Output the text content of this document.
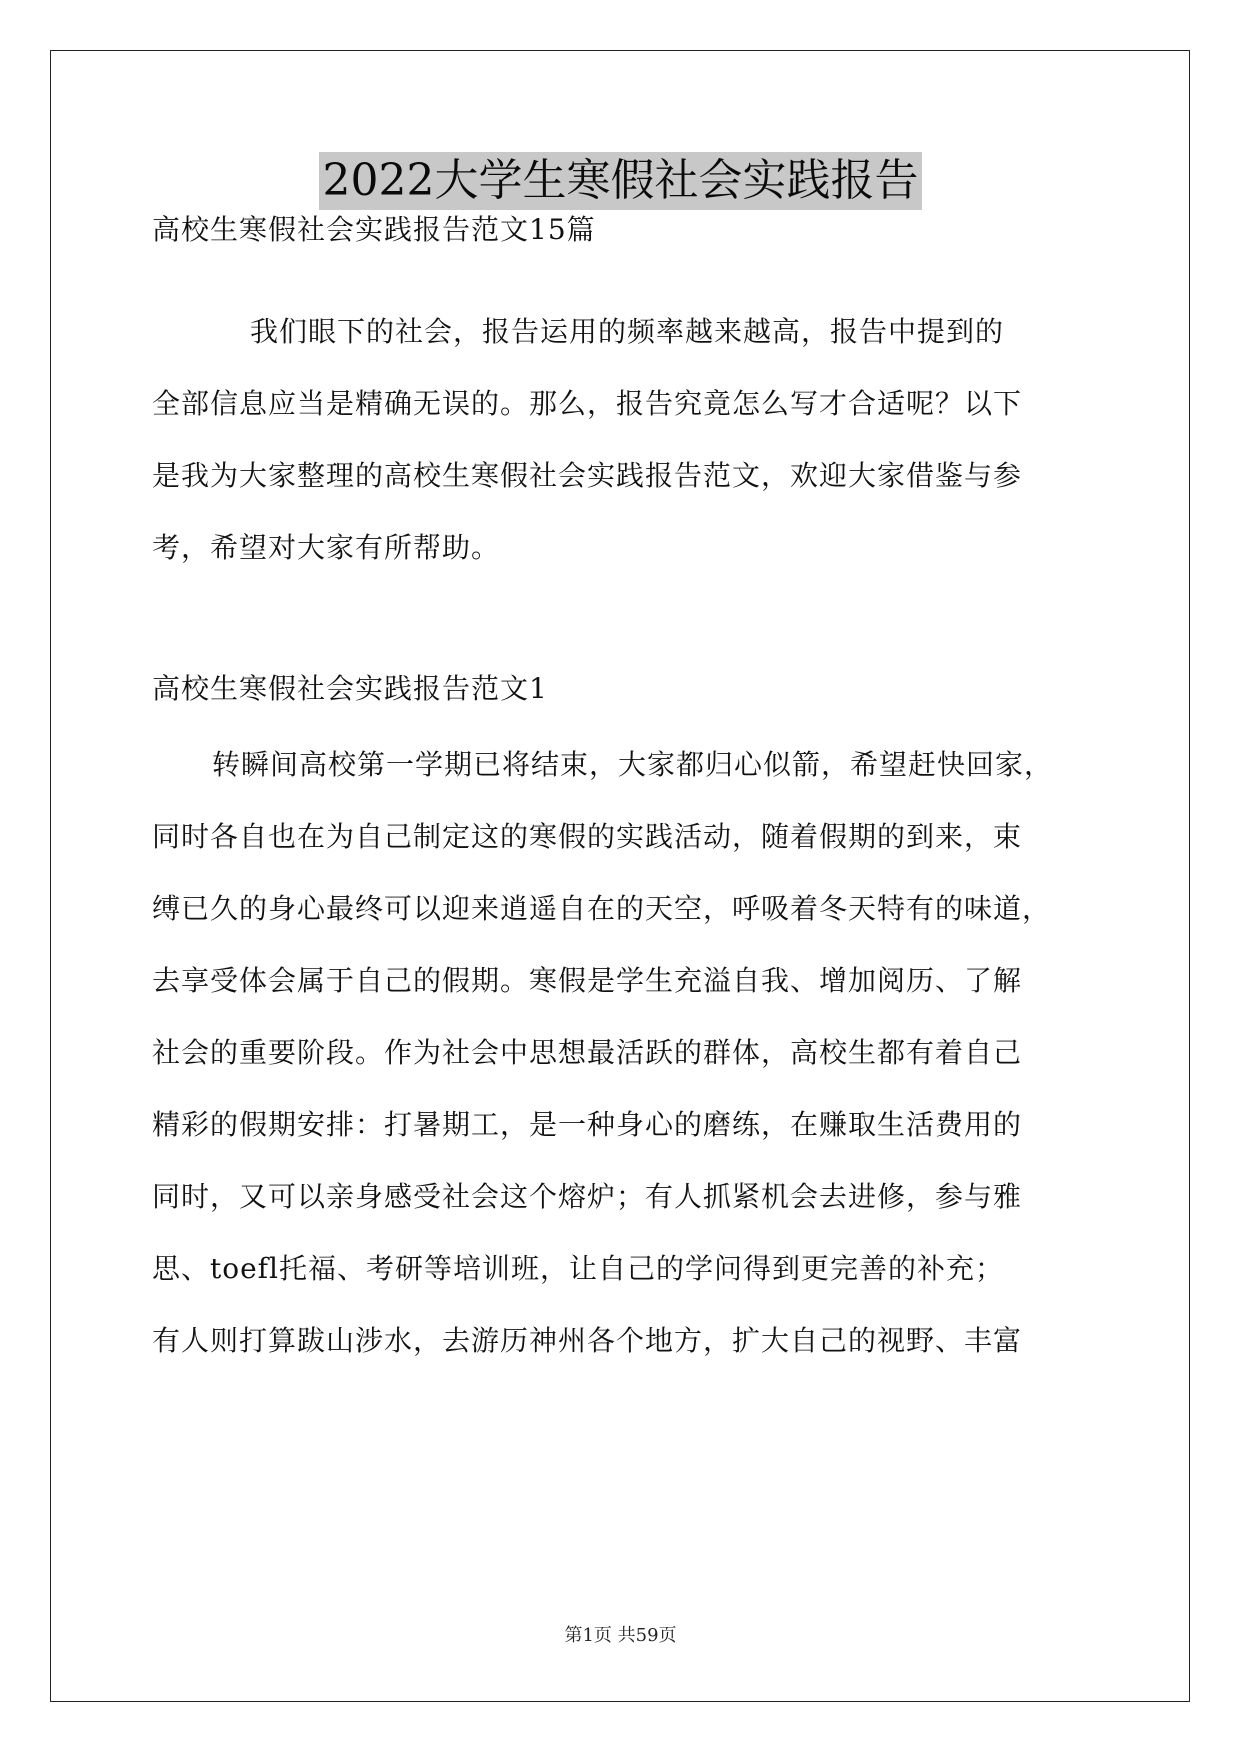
2022大学生寒假社会实践报告
高校生寒假社会实践报告范文15篇
我们眼下的社会，报告运用的频率越来越高，报告中提到的
全部信息应当是精确无误的。那么，报告究竟怎么写才合适呢？以下
是我为大家整理的高校生寒假社会实践报告范文，欢迎大家借鉴与参
考，希望对大家有所帮助。
高校生寒假社会实践报告范文1
转瞬间高校第一学期已将结束，大家都归心似箭，希望赶快回家，
同时各自也在为自己制定这的寒假的实践活动，随着假期的到来，束
缚已久的身心最终可以迎来逍遥自在的天空，呼吸着冬天特有的味道，
去享受体会属于自己的假期。寒假是学生充溢自我、增加阅历、了解
社会的重要阶段。作为社会中思想最活跃的群体，高校生都有着自己
精彩的假期安排：打暑期工，是一种身心的磨练，在赚取生活费用的
同时，又可以亲身感受社会这个熔炉；有人抓紧机会去进修，参与雅
思、toefl托福、考研等培训班，让自己的学问得到更完善的补充；
有人则打算跋山涉水，去游历神州各个地方，扩大自己的视野、丰富
第1页 共59页
